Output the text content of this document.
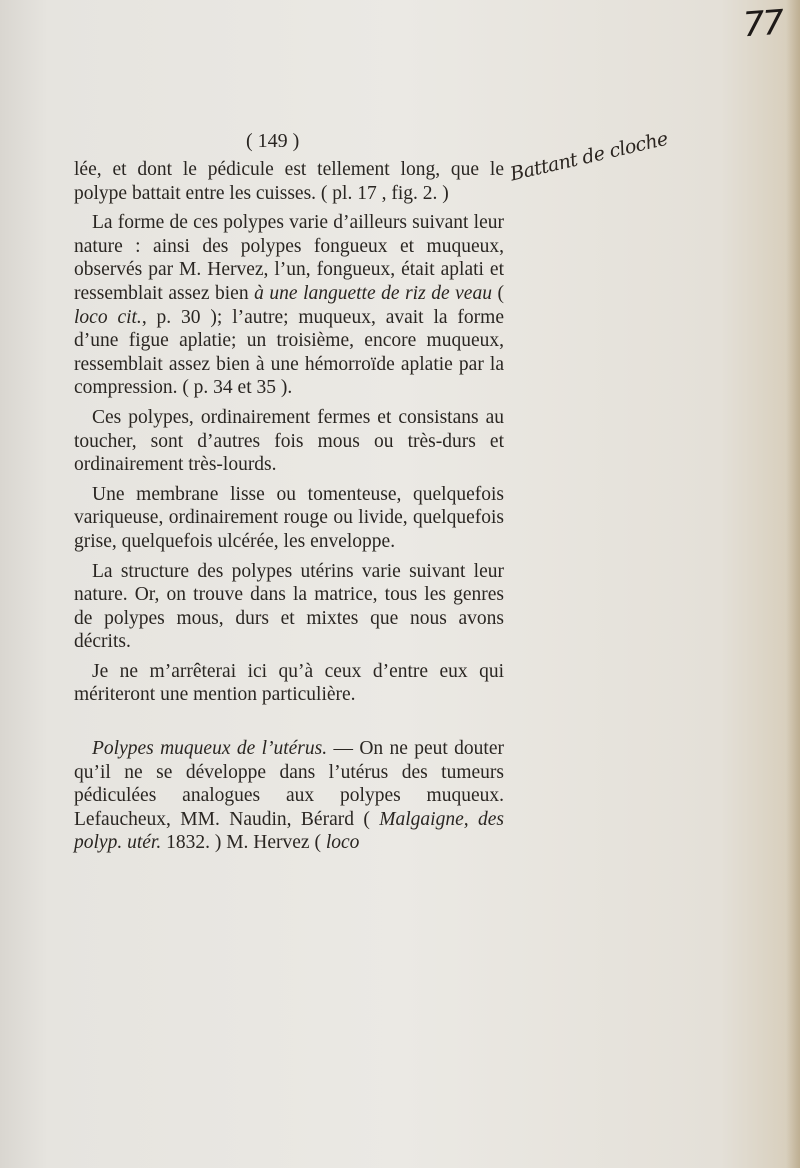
77
( 149 )	Battant de cloche

lée, et dont le pédicule est tellement long, que le polype battait entre les cuisses. ( pl. 17 , fig. 2. )

La forme de ces polypes varie d’ailleurs suivant leur nature : ainsi des polypes fongueux et muqueux, observés par M. Hervez, l’un, fongueux, était aplati et ressemblait assez bien à une languette de riz de veau ( loco cit., p. 30 ); l’autre; muqueux, avait la forme d’une figue aplatie; un troisième, encore muqueux, ressemblait assez bien à une hémorroïde aplatie par la compression. ( p. 34 et 35 ).

Ces polypes, ordinairement fermes et consistans au toucher, sont d’autres fois mous ou très-durs et ordinairement très-lourds.

Une membrane lisse ou tomenteuse, quelquefois variqueuse, ordinairement rouge ou livide, quelquefois grise, quelquefois ulcérée, les enveloppe.

La structure des polypes utérins varie suivant leur nature. Or, on trouve dans la matrice, tous les genres de polypes mous, durs et mixtes que nous avons décrits.

Je ne m’arrêterai ici qu’à ceux d’entre eux qui mériteront une mention particulière.

Polypes muqueux de l’utérus. — On ne peut douter qu’il ne se développe dans l’utérus des tumeurs pédiculées analogues aux polypes muqueux. Lefaucheux, MM. Naudin, Bérard ( Malgaigne, des polyp. utér. 1832. ) M. Hervez ( loco
